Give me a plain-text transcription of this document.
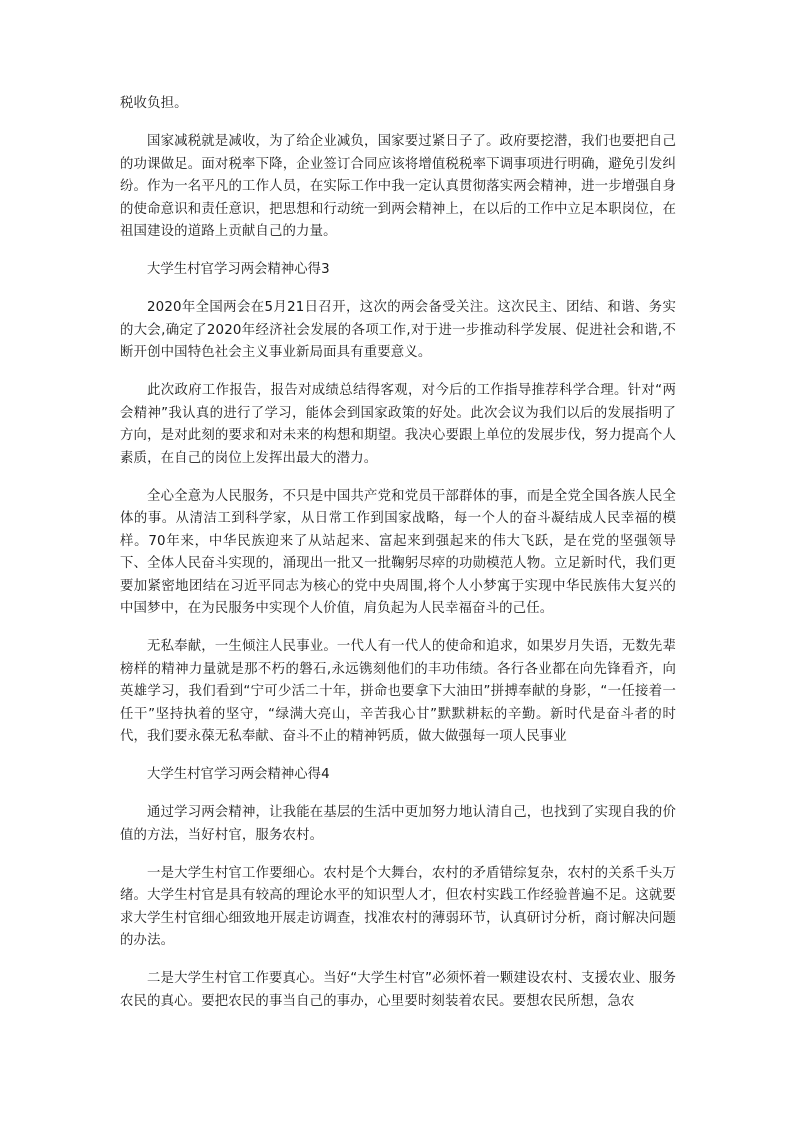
税收负担。

国家减税就是减收，为了给企业减负，国家要过紧日子了。政府要挖潜，我们也要把自己的功课做足。面对税率下降，企业签订合同应该将增值税税率下调事项进行明确，避免引发纠纷。作为一名平凡的工作人员，在实际工作中我一定认真贯彻落实两会精神，进一步增强自身的使命意识和责任意识，把思想和行动统一到两会精神上，在以后的工作中立足本职岗位，在祖国建设的道路上贡献自己的力量。

大学生村官学习两会精神心得3

2020年全国两会在5月21日召开，这次的两会备受关注。这次民主、团结、和谐、务实的大会,确定了2020年经济社会发展的各项工作,对于进一步推动科学发展、促进社会和谐,不断开创中国特色社会主义事业新局面具有重要意义。

此次政府工作报告，报告对成绩总结得客观，对今后的工作指导推荐科学合理。针对“两会精神”我认真的进行了学习，能体会到国家政策的好处。此次会议为我们以后的发展指明了方向，是对此刻的要求和对未来的构想和期望。我决心要跟上单位的发展步伐，努力提高个人素质，在自己的岗位上发挥出最大的潜力。

全心全意为人民服务，不只是中国共产党和党员干部群体的事，而是全党全国各族人民全体的事。从清洁工到科学家，从日常工作到国家战略，每一个人的奋斗凝结成人民幸福的模样。70年来，中华民族迎来了从站起来、富起来到强起来的伟大飞跃，是在党的坚强领导下、全体人民奋斗实现的，涌现出一批又一批鞠躬尽瘁的功勋模范人物。立足新时代，我们更要加紧密地团结在习近平同志为核心的党中央周围,将个人小梦寓于实现中华民族伟大复兴的中国梦中，在为民服务中实现个人价值，肩负起为人民幸福奋斗的己任。

无私奉献，一生倾注人民事业。一代人有一代人的使命和追求，如果岁月失语，无数先辈榜样的精神力量就是那不朽的磐石,永远镌刻他们的丰功伟绩。各行各业都在向先锋看齐，向英雄学习，我们看到“宁可少活二十年，拼命也要拿下大油田”拼搏奉献的身影，“一任接着一任干”坚持执着的坚守，“绿满大亮山，辛苦我心甘”默默耕耘的辛勤。新时代是奋斗者的时代，我们要永葆无私奉献、奋斗不止的精神钙质，做大做强每一项人民事业

大学生村官学习两会精神心得4

通过学习两会精神，让我能在基层的生活中更加努力地认清自己，也找到了实现自我的价值的方法，当好村官，服务农村。

一是大学生村官工作要细心。农村是个大舞台，农村的矛盾错综复杂，农村的关系千头万绪。大学生村官是具有较高的理论水平的知识型人才，但农村实践工作经验普遍不足。这就要求大学生村官细心细致地开展走访调查，找准农村的薄弱环节，认真研讨分析，商讨解决问题的办法。

二是大学生村官工作要真心。当好“大学生村官”必须怀着一颗建设农村、支援农业、服务农民的真心。要把农民的事当自己的事办，心里要时刻装着农民。要想农民所想，急农
